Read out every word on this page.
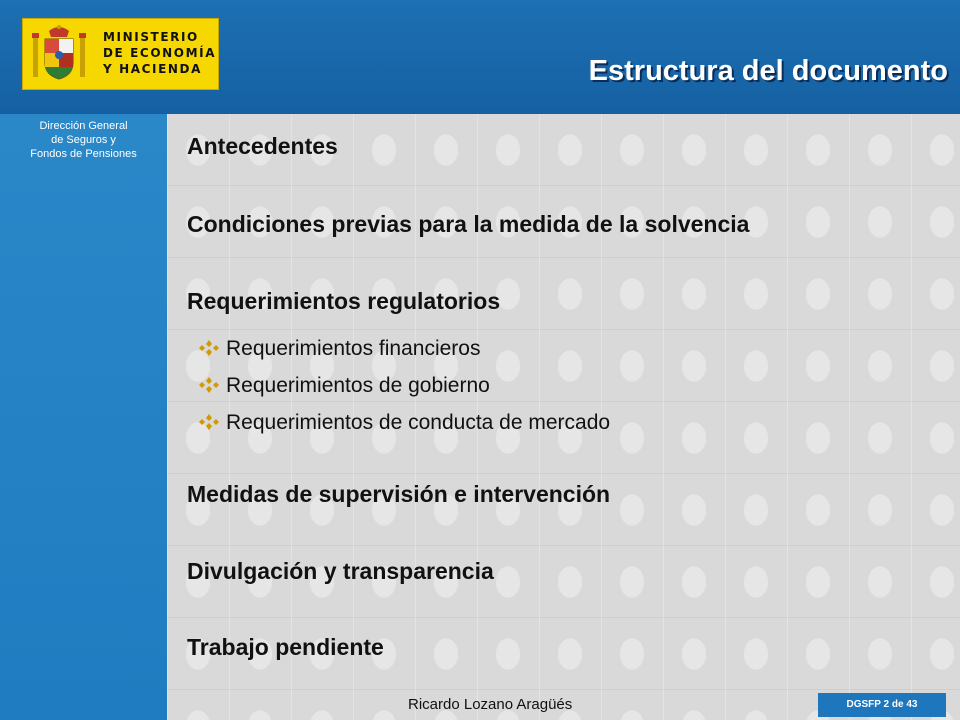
MINISTERIO
DE ECONOMÍA
Y HACIENDA	Estructura del documento
Dirección General
de Seguros y
Fondos de Pensiones	Antecedentes
Condiciones previas para la medida de la solvencia
Requerimientos regulatorios
Requerimientos financieros
Requerimientos de gobierno
Requerimientos de conducta de mercado
Medidas de supervisión e intervención
Divulgación y transparencia
Trabajo pendiente
Ricardo Lozano Aragüés	DGSFP 2 de 43
